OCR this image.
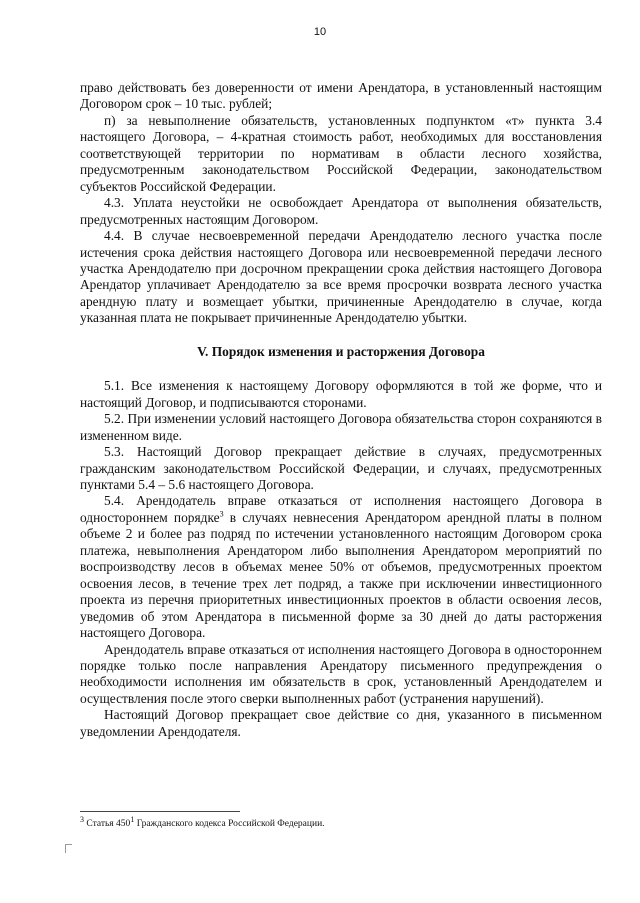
10

право действовать без доверенности от имени Арендатора, в установленный настоящим Договором срок – 10 тыс. рублей;

п) за невыполнение обязательств, установленных подпунктом «т» пункта 3.4 настоящего Договора, – 4-кратная стоимость работ, необходимых для восстановления соответствующей территории по нормативам в области лесного хозяйства, предусмотренным законодательством Российской Федерации, законодательством субъектов Российской Федерации.

4.3. Уплата неустойки не освобождает Арендатора от выполнения обязательств, предусмотренных настоящим Договором.

4.4. В случае несвоевременной передачи Арендодателю лесного участка после истечения срока действия настоящего Договора или несвоевременной передачи лесного участка Арендодателю при досрочном прекращении срока действия настоящего Договора Арендатор уплачивает Арендодателю за все время просрочки возврата лесного участка арендную плату и возмещает убытки, причиненные Арендодателю в случае, когда указанная плата не покрывает причиненные Арендодателю убытки.

V. Порядок изменения и расторжения Договора

5.1. Все изменения к настоящему Договору оформляются в той же форме, что и настоящий Договор, и подписываются сторонами.

5.2. При изменении условий настоящего Договора обязательства сторон сохраняются в измененном виде.

5.3. Настоящий Договор прекращает действие в случаях, предусмотренных гражданским законодательством Российской Федерации, и случаях, предусмотренных пунктами 5.4 – 5.6 настоящего Договора.

5.4. Арендодатель вправе отказаться от исполнения настоящего Договора в одностороннем порядке$^3$ в случаях невнесения Арендатором арендной платы в полном объеме 2 и более раз подряд по истечении установленного настоящим Договором срока платежа, невыполнения Арендатором либо выполнения Арендатором мероприятий по воспроизводству лесов в объемах менее 50% от объемов, предусмотренных проектом освоения лесов, в течение трех лет подряд, а также при исключении инвестиционного проекта из перечня приоритетных инвестиционных проектов в области освоения лесов, уведомив об этом Арендатора в письменной форме за 30 дней до даты расторжения настоящего Договора.

Арендодатель вправе отказаться от исполнения настоящего Договора в одностороннем порядке только после направления Арендатору письменного предупреждения о необходимости исполнения им обязательств в срок, установленный Арендодателем и осуществления после этого сверки выполненных работ (устранения нарушений).

Настоящий Договор прекращает свое действие со дня, указанного в письменном уведомлении Арендодателя.

$^3$ Статья $450^1$ Гражданского кодекса Российской Федерации.
